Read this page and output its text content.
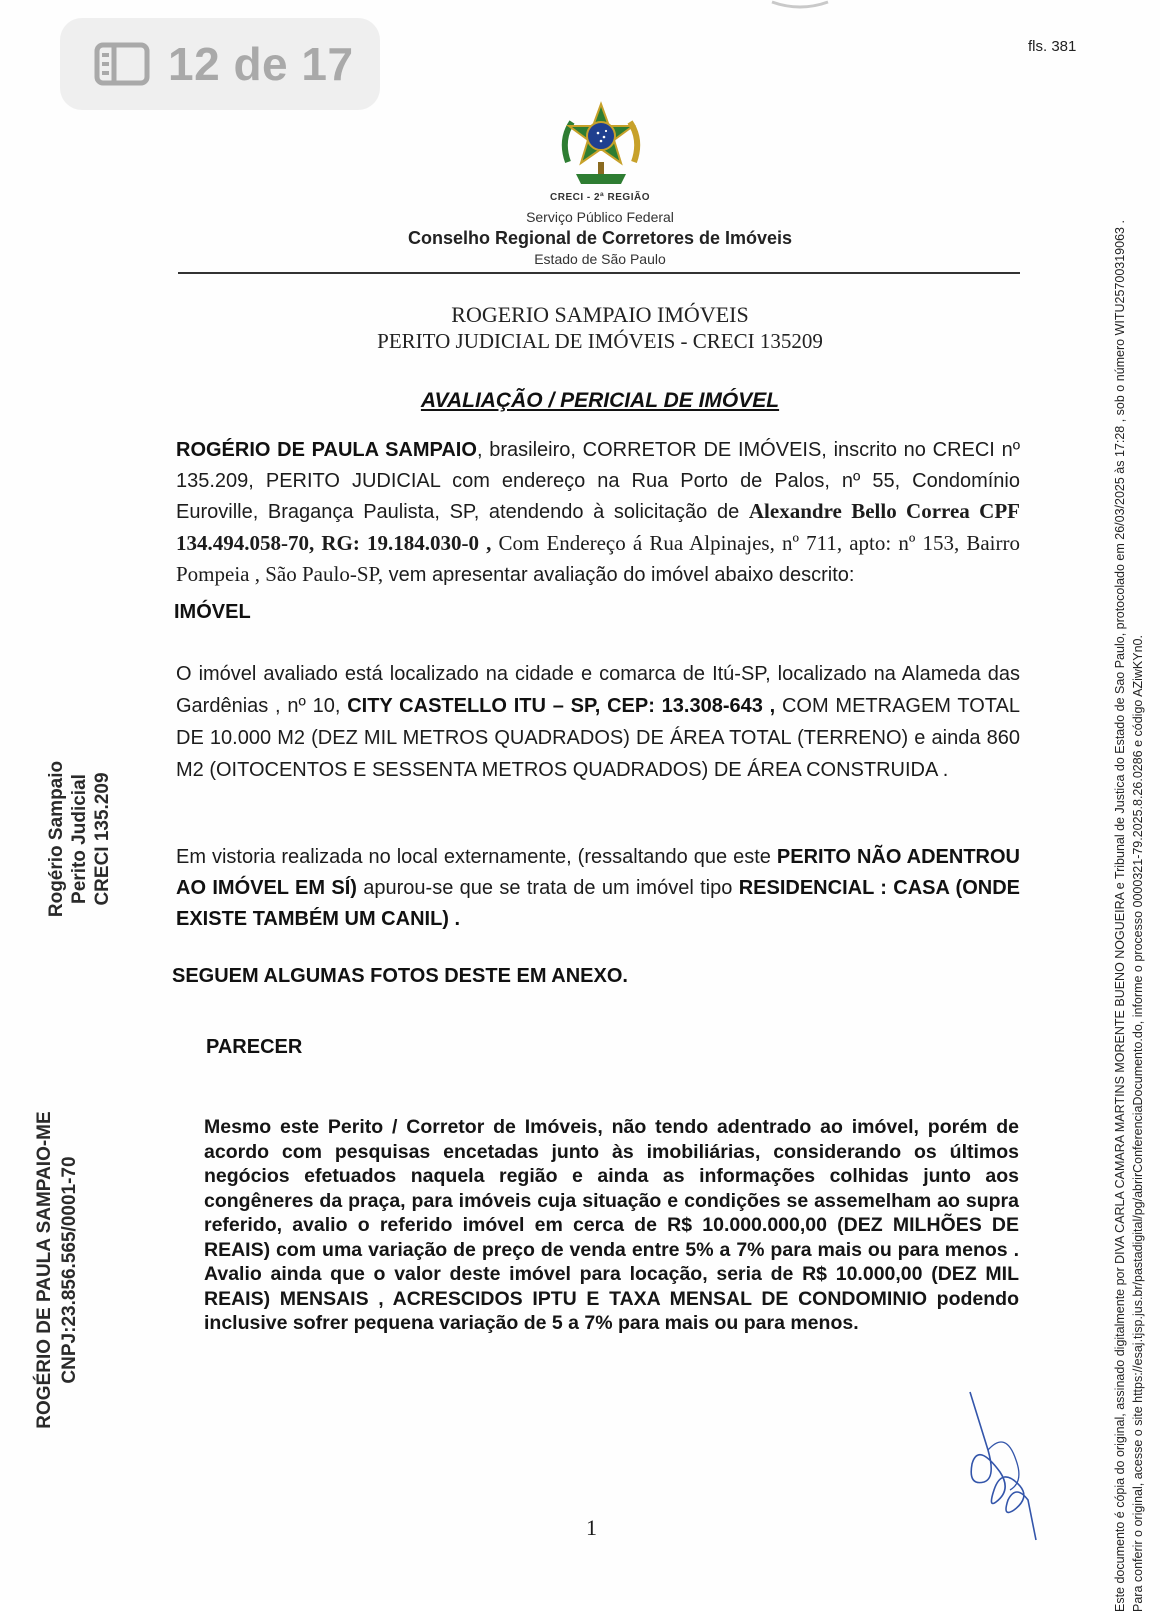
12 de 17	fls. 381
CRECI - 2ª REGIÃO
Serviço Público Federal
Conselho Regional de Corretores de Imóveis
Estado de São Paulo
ROGERIO SAMPAIO IMÓVEIS
PERITO JUDICIAL DE IMÓVEIS - CRECI 135209
AVALIAÇÃO / PERICIAL DE IMÓVEL
ROGÉRIO DE PAULA SAMPAIO, brasileiro, CORRETOR DE IMÓVEIS, inscrito no CRECI nº 135.209, PERITO JUDICIAL com endereço na Rua Porto de Palos, nº 55, Condomínio Euroville, Bragança Paulista, SP, atendendo à solicitação de Alexandre Bello Correa CPF 134.494.058-70, RG: 19.184.030-0 , Com Endereço á Rua Alpinajes, nº 711, apto: nº 153, Bairro Pompeia , São Paulo-SP, vem apresentar avaliação do imóvel abaixo descrito:
IMÓVEL
O imóvel avaliado está localizado na cidade e comarca de Itú-SP, localizado na Alameda das Gardênias , nº 10, CITY CASTELLO ITU – SP, CEP: 13.308-643 , COM METRAGEM TOTAL DE 10.000 M2 (DEZ MIL METROS QUADRADOS) DE ÁREA TOTAL (TERRENO) e ainda 860 M2 (OITOCENTOS E SESSENTA METROS QUADRADOS) DE ÁREA CONSTRUIDA .
Em vistoria realizada no local externamente, (ressaltando que este PERITO NÃO ADENTROU AO IMÓVEL EM SÍ) apurou-se que se trata de um imóvel tipo RESIDENCIAL : CASA (ONDE EXISTE TAMBÉM UM CANIL) .
SEGUEM ALGUMAS FOTOS DESTE EM ANEXO.
PARECER
Mesmo este Perito / Corretor de Imóveis, não tendo adentrado ao imóvel, porém de acordo com pesquisas encetadas junto às imobiliárias, considerando os últimos negócios efetuados naquela região e ainda as informações colhidas junto aos congêneres da praça, para imóveis cuja situação e condições se assemelham ao supra referido, avalio o referido imóvel em cerca de R$ 10.000.000,00 (DEZ MILHÕES DE REAIS) com uma variação de preço de venda entre 5% a 7% para mais ou para menos . Avalio ainda que o valor deste imóvel para locação, seria de R$ 10.000,00 (DEZ MIL REAIS) MENSAIS , ACRESCIDOS IPTU E TAXA MENSAL DE CONDOMINIO podendo inclusive sofrer pequena variação de 5 a 7% para mais ou para menos.
1
Rogério Sampaio Perito Judicial CRECI 135.209
ROGÉRIO DE PAULA SAMPAIO-ME CNPJ:23.856.565/0001-70	Este documento é cópia do original, assinado digitalmente por DIVA CARLA CAMARA MARTINS MORENTE BUENO NOGUEIRA e Tribunal de Justica do Estado de Sao Paulo, protocolado em 26/03/2025 às 17:28 , sob o número WITU25700319063 . Para conferir o original, acesse o site https://esaj.tjsp.jus.br/pastadigital/pg/abrirConferenciaDocumento.do, informe o processo 0000321-79.2025.8.26.0286 e código AZiwKYn0.
